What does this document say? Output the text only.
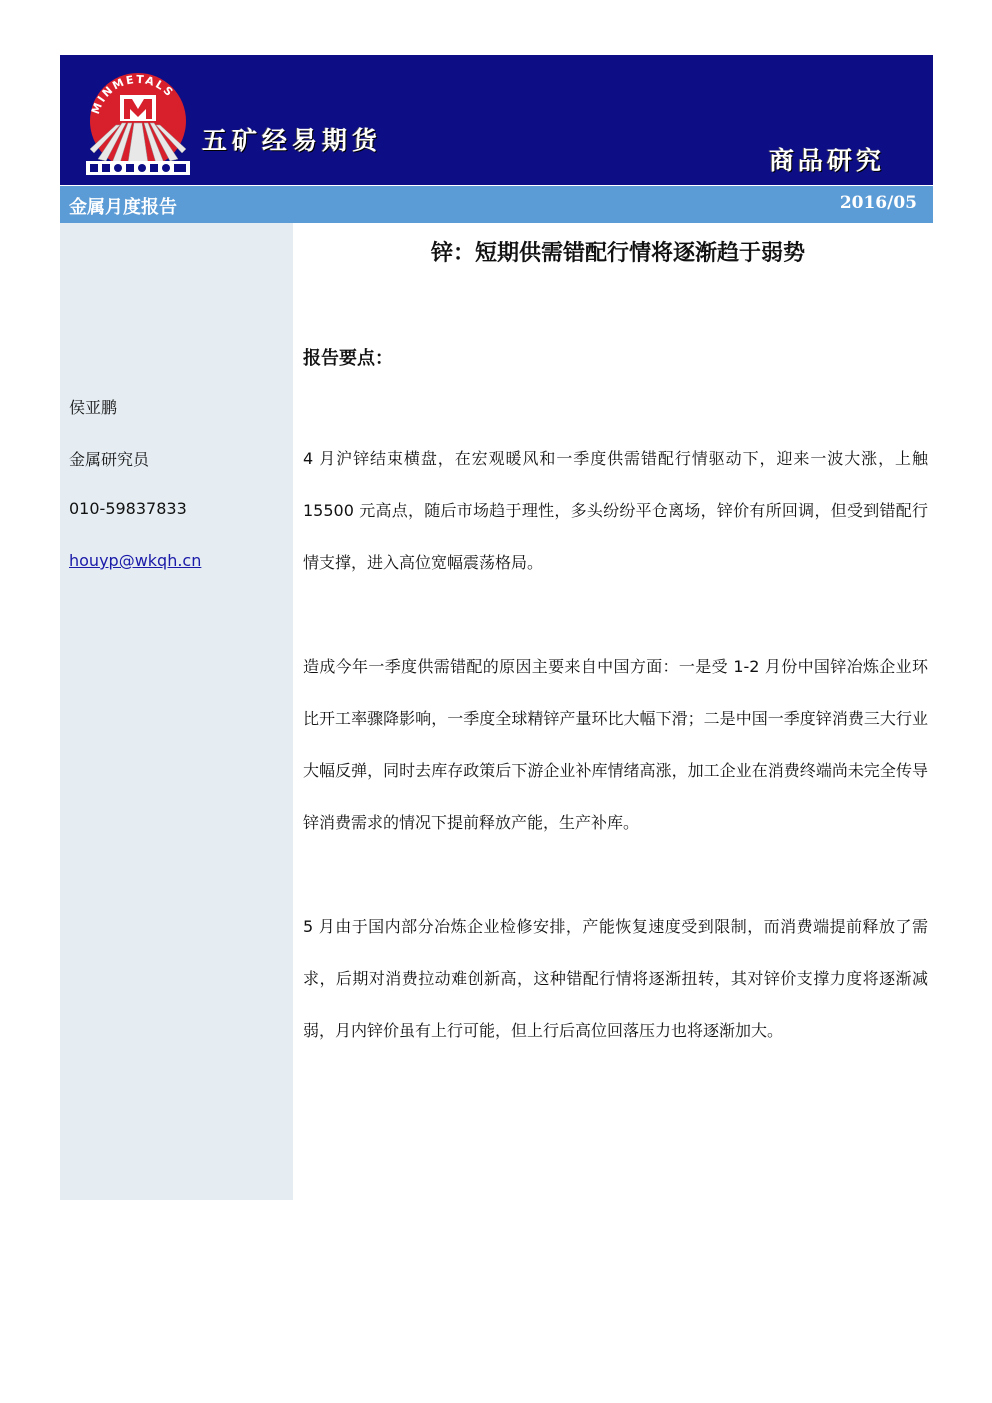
MINMETALS
五矿经易期货
商品研究
金属月度报告	2016/05
侯亚鹏
金属研究员
010-59837833
houyp@wkqh.cn
锌：短期供需错配行情将逐渐趋于弱势
报告要点：
4 月沪锌结束横盘，在宏观暖风和一季度供需错配行情驱动下，迎来一波大涨，上触 15500 元高点，随后市场趋于理性，多头纷纷平仓离场，锌价有所回调，但受到错配行情支撑，进入高位宽幅震荡格局。
造成今年一季度供需错配的原因主要来自中国方面：一是受 1-2 月份中国锌冶炼企业环比开工率骤降影响，一季度全球精锌产量环比大幅下滑；二是中国一季度锌消费三大行业大幅反弹，同时去库存政策后下游企业补库情绪高涨，加工企业在消费终端尚未完全传导锌消费需求的情况下提前释放产能，生产补库。
5 月由于国内部分冶炼企业检修安排，产能恢复速度受到限制，而消费端提前释放了需求，后期对消费拉动难创新高，这种错配行情将逐渐扭转，其对锌价支撑力度将逐渐减弱，月内锌价虽有上行可能，但上行后高位回落压力也将逐渐加大。
